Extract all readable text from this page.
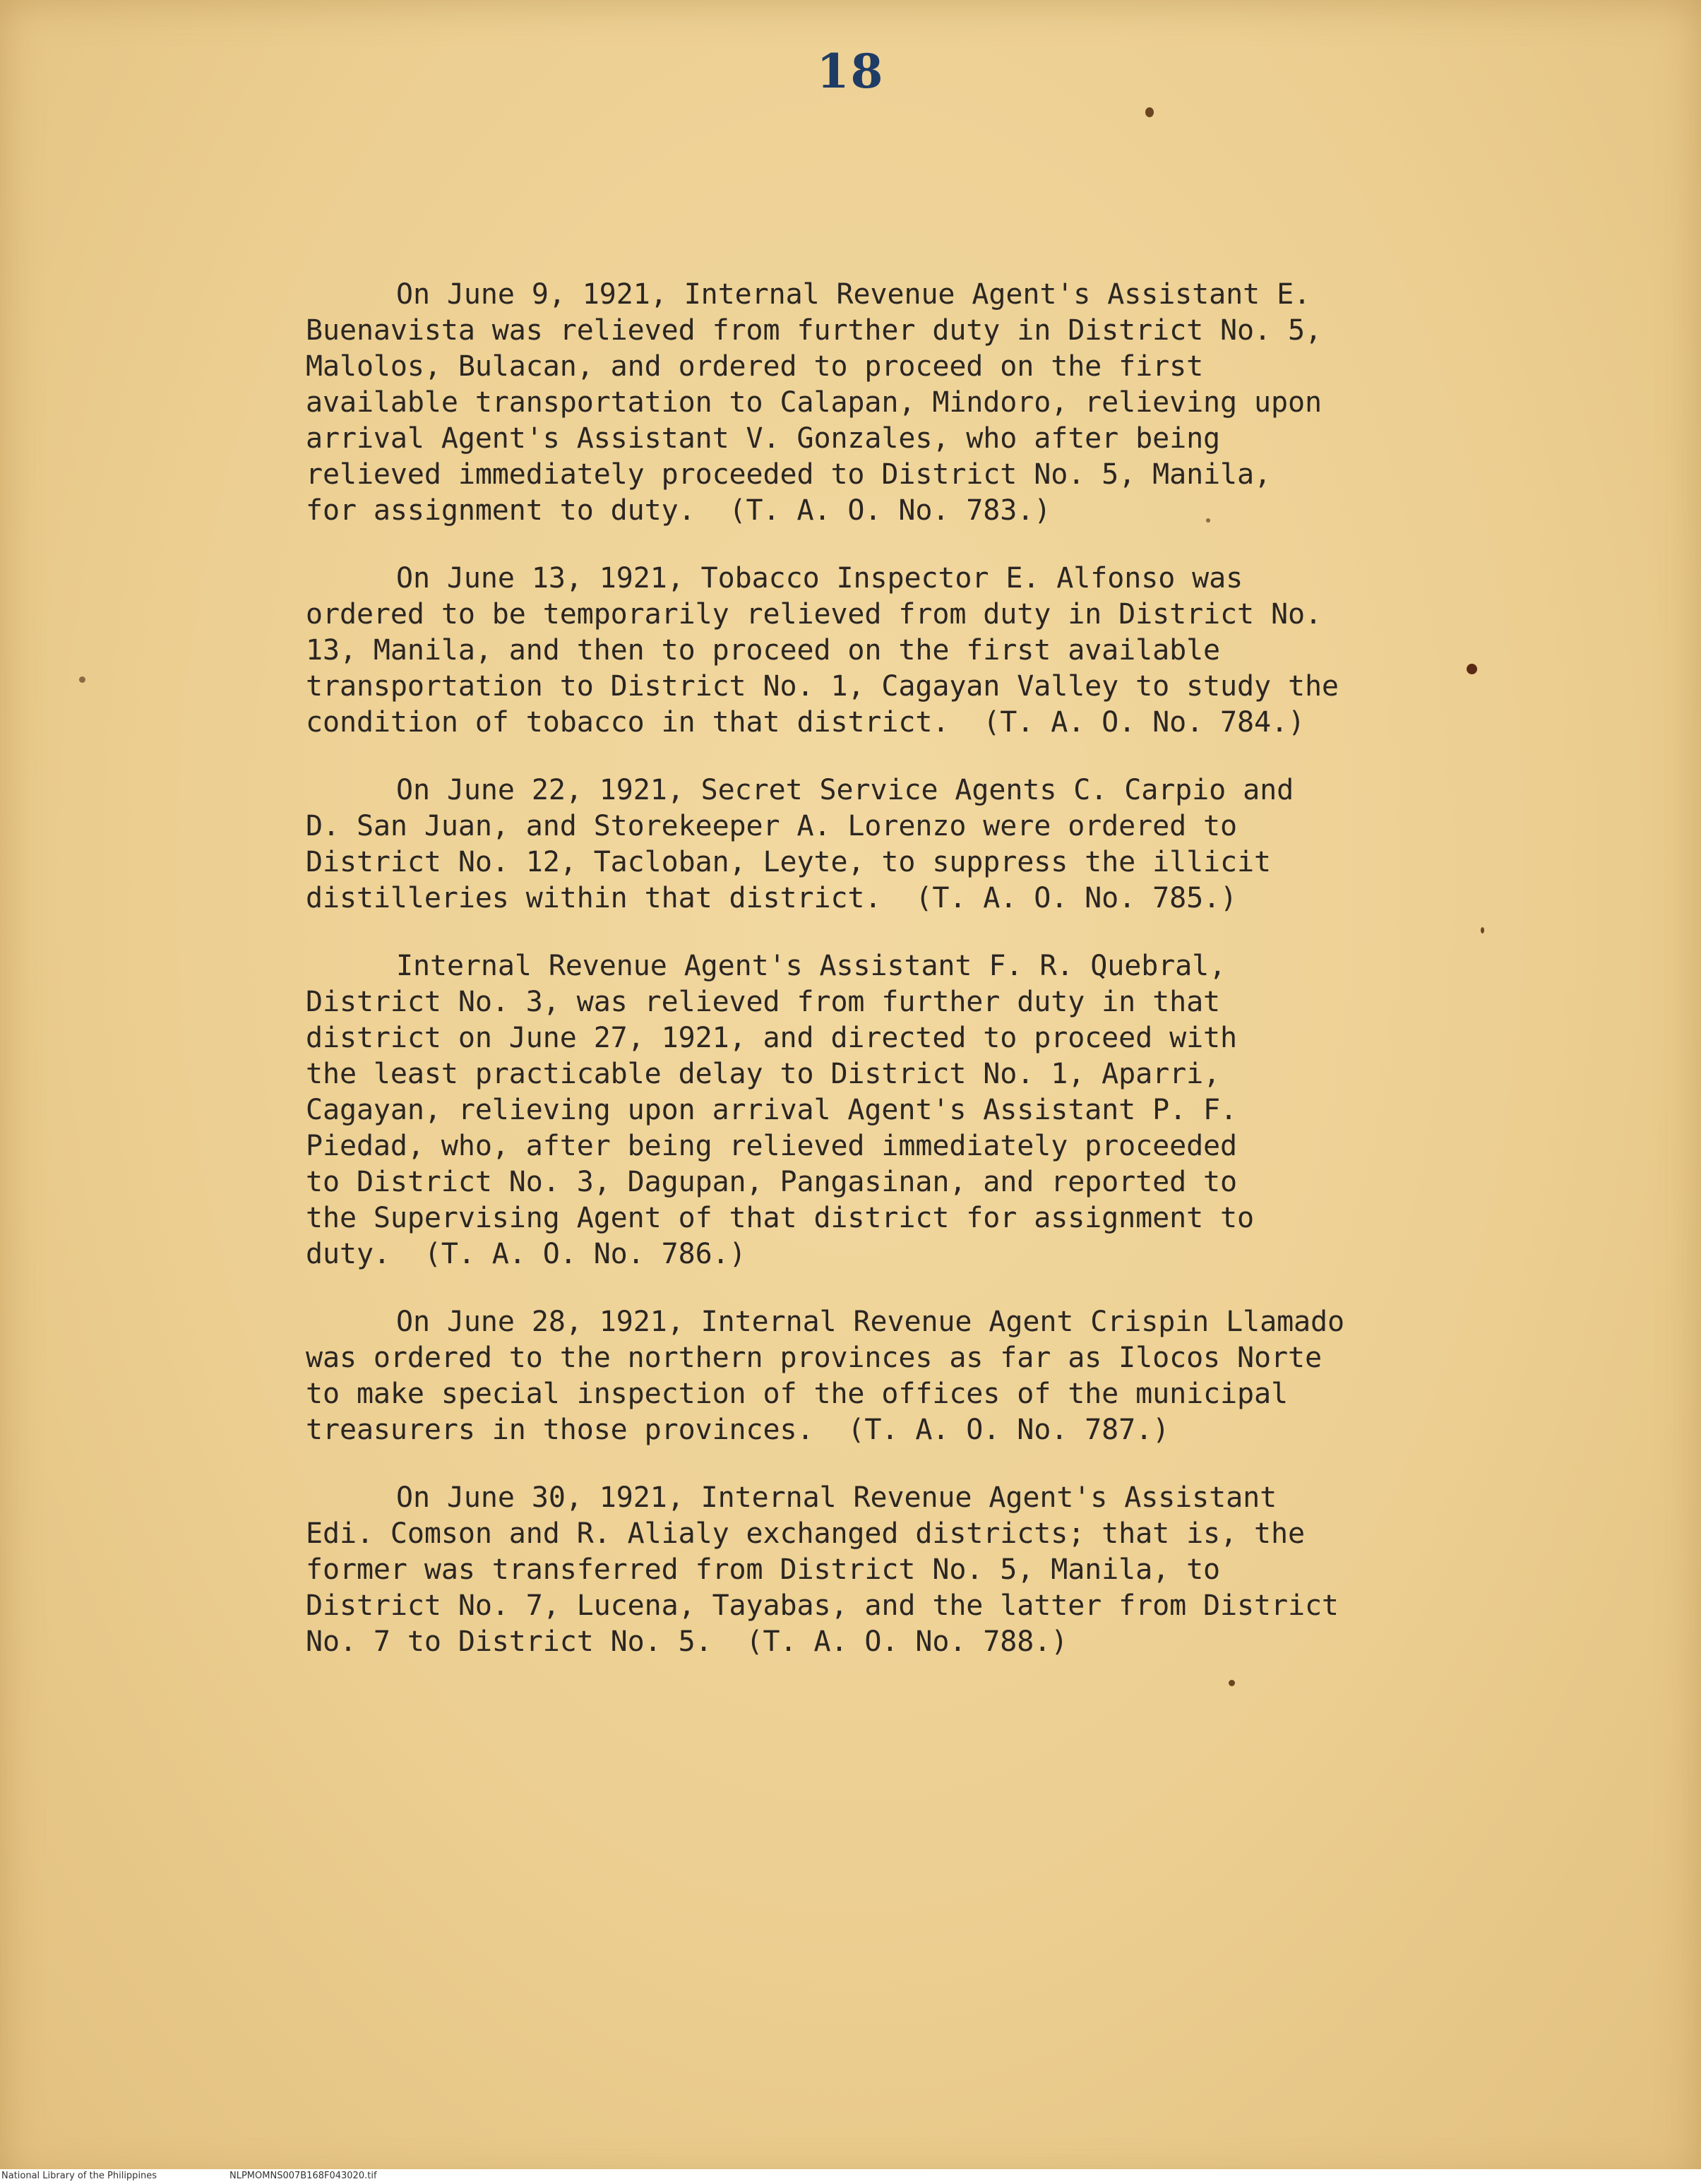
18
On June 9, 1921, Internal Revenue Agent's Assistant E.
Buenavista was relieved from further duty in District No. 5,
Malolos, Bulacan, and ordered to proceed on the first
available transportation to Calapan, Mindoro, relieving upon
arrival Agent's Assistant V. Gonzales, who after being
relieved immediately proceeded to District No. 5, Manila,
for assignment to duty.  (T. A. O. No. 783.)
On June 13, 1921, Tobacco Inspector E. Alfonso was
ordered to be temporarily relieved from duty in District No.
13, Manila, and then to proceed on the first available
transportation to District No. 1, Cagayan Valley to study the
condition of tobacco in that district.  (T. A. O. No. 784.)
On June 22, 1921, Secret Service Agents C. Carpio and
D. San Juan, and Storekeeper A. Lorenzo were ordered to
District No. 12, Tacloban, Leyte, to suppress the illicit
distilleries within that district.  (T. A. O. No. 785.)
Internal Revenue Agent's Assistant F. R. Quebral,
District No. 3, was relieved from further duty in that
district on June 27, 1921, and directed to proceed with
the least practicable delay to District No. 1, Aparri,
Cagayan, relieving upon arrival Agent's Assistant P. F.
Piedad, who, after being relieved immediately proceeded
to District No. 3, Dagupan, Pangasinan, and reported to
the Supervising Agent of that district for assignment to
duty.  (T. A. O. No. 786.)
On June 28, 1921, Internal Revenue Agent Crispin Llamado
was ordered to the northern provinces as far as Ilocos Norte
to make special inspection of the offices of the municipal
treasurers in those provinces.  (T. A. O. No. 787.)
On June 30, 1921, Internal Revenue Agent's Assistant
Edi. Comson and R. Alialy exchanged districts; that is, the
former was transferred from District No. 5, Manila, to
District No. 7, Lucena, Tayabas, and the latter from District
No. 7 to District No. 5.  (T. A. O. No. 788.)
National Library of the Philippines	NLPMOMNS007B168F043020.tif
